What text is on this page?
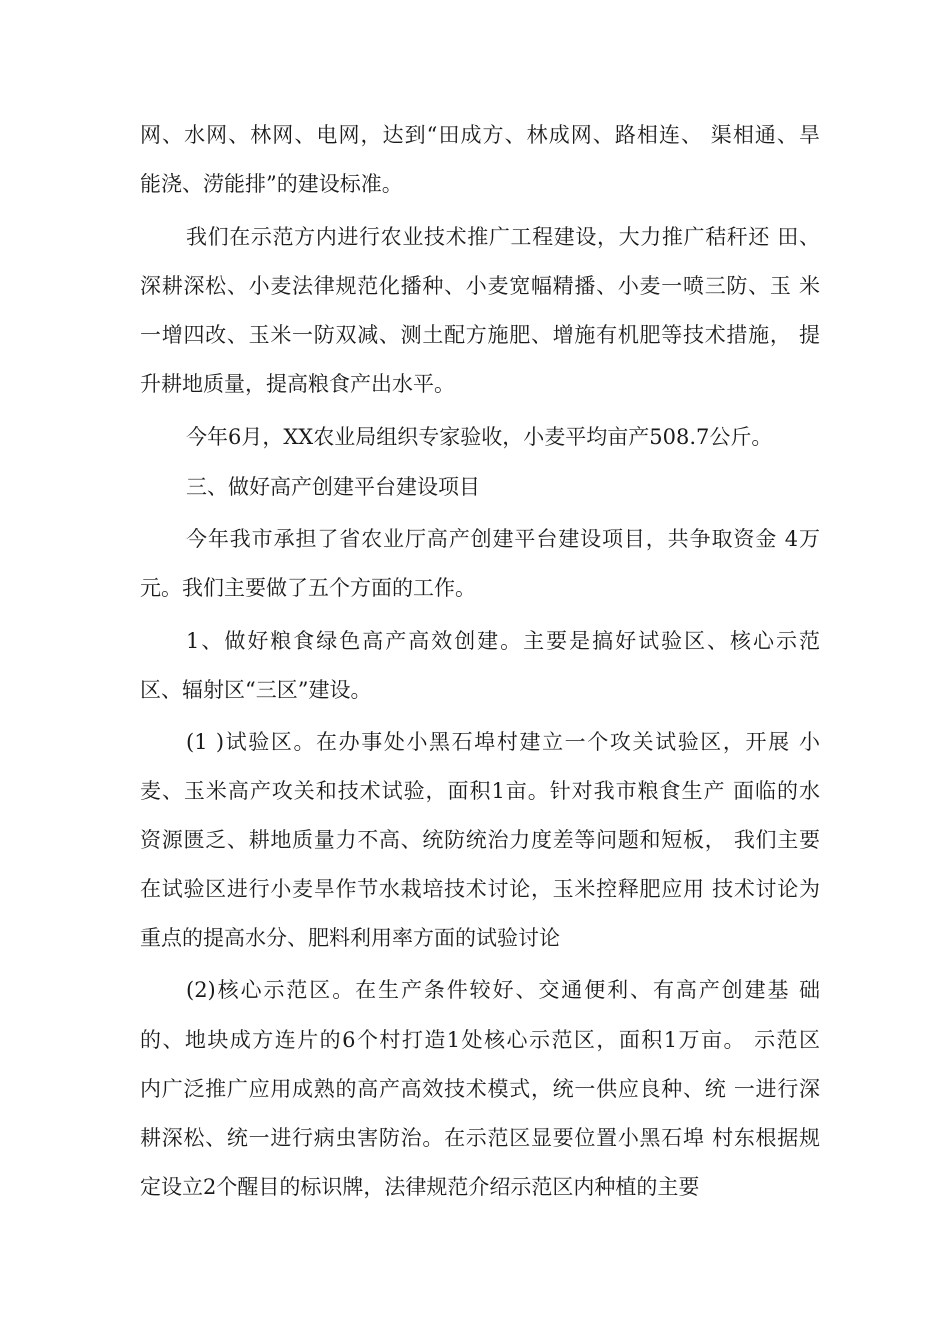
网、水网、林网、电网，达到“田成方、林成网、路相连、 渠相通、旱
能浇、涝能排”的建设标准。
我们在示范方内进行农业技术推广工程建设，大力推广秸秆还 田、
深耕深松、小麦法律规范化播种、小麦宽幅精播、小麦一喷三防、玉 米
一增四改、玉米一防双减、测土配方施肥、增施有机肥等技术措施， 提
升耕地质量，提高粮食产出水平。
今年6月，XX农业局组织专家验收，小麦平均亩产508.7公斤。
三、做好高产创建平台建设项目
今年我市承担了省农业厅高产创建平台建设项目，共争取资金 4万
元。我们主要做了五个方面的工作。
1、做好粮食绿色高产高效创建。主要是搞好试验区、核心示范
区、辐射区“三区”建设。
(1 )试验区。在办事处小黑石埠村建立一个攻关试验区，开展 小
麦、玉米高产攻关和技术试验，面积1亩。针对我市粮食生产 面临的水
资源匮乏、耕地质量力不高、统防统治力度差等问题和短板， 我们主要
在试验区进行小麦旱作节水栽培技术讨论，玉米控释肥应用 技术讨论为
重点的提高水分、肥料利用率方面的试验讨论
(2)核心示范区。在生产条件较好、交通便利、有高产创建基 础
的、地块成方连片的6个村打造1处核心示范区，面积1万亩。 示范区
内广泛推广应用成熟的高产高效技术模式，统一供应良种、统 一进行深
耕深松、统一进行病虫害防治。在示范区显要位置小黑石埠 村东根据规
定设立2个醒目的标识牌，法律规范介绍示范区内种植的主要
